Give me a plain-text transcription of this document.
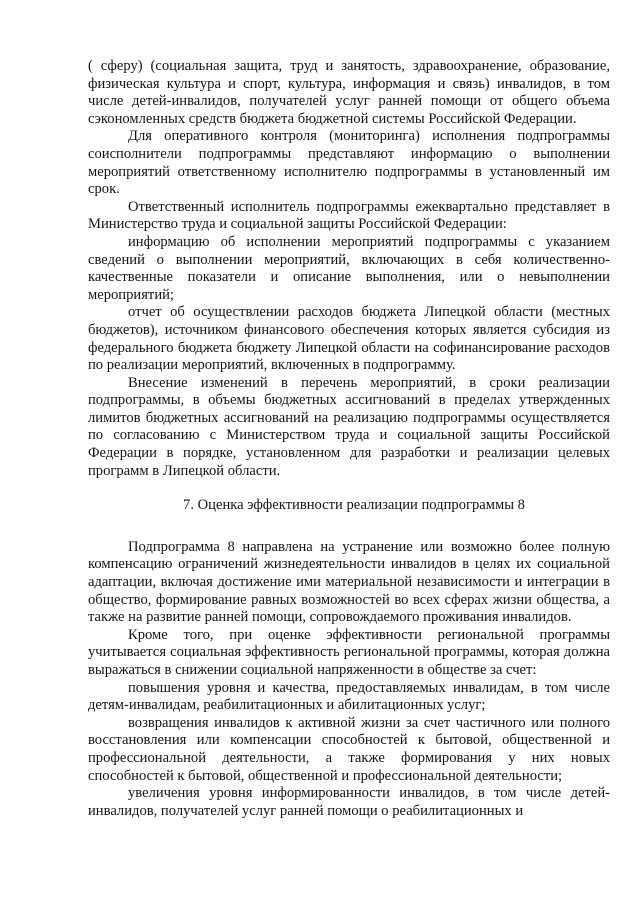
( сферу) (социальная защита, труд и занятость, здравоохранение, образование, физическая культура и спорт, культура, информация и связь) инвалидов, в том числе детей-инвалидов, получателей услуг ранней помощи от общего объема сэкономленных средств бюджета бюджетной системы Российской Федерации.

Для оперативного контроля (мониторинга) исполнения подпрограммы соисполнители подпрограммы представляют информацию о выполнении мероприятий ответственному исполнителю подпрограммы в установленный им срок.

Ответственный исполнитель подпрограммы ежеквартально представляет в Министерство труда и социальной защиты Российской Федерации:

информацию об исполнении мероприятий подпрограммы с указанием сведений о выполнении мероприятий, включающих в себя количественно-качественные показатели и описание выполнения, или о невыполнении мероприятий;

отчет об осуществлении расходов бюджета Липецкой области (местных бюджетов), источником финансового обеспечения которых является субсидия из федерального бюджета бюджету Липецкой области на софинансирование расходов по реализации мероприятий, включенных в подпрограмму.

Внесение изменений в перечень мероприятий, в сроки реализации подпрограммы, в объемы бюджетных ассигнований в пределах утвержденных лимитов бюджетных ассигнований на реализацию подпрограммы осуществляется по согласованию с Министерством труда и социальной защиты Российской Федерации в порядке, установленном для разработки и реализации целевых программ в Липецкой области.

7. Оценка эффективности реализации подпрограммы 8

Подпрограмма 8 направлена на устранение или возможно более полную компенсацию ограничений жизнедеятельности инвалидов в целях их социальной адаптации, включая достижение ими материальной независимости и интеграции в общество, формирование равных возможностей во всех сферах жизни общества, а также на развитие ранней помощи, сопровождаемого проживания инвалидов.

Кроме того, при оценке эффективности региональной программы учитывается социальная эффективность региональной программы, которая должна выражаться в снижении социальной напряженности в обществе за счет:

повышения уровня и качества, предоставляемых инвалидам, в том числе детям-инвалидам, реабилитационных и абилитационных услуг;

возвращения инвалидов к активной жизни за счет частичного или полного восстановления или компенсации способностей к бытовой, общественной и профессиональной деятельности, а также формирования у них новых способностей к бытовой, общественной и профессиональной деятельности;

увеличения уровня информированности инвалидов, в том числе детей-инвалидов, получателей услуг ранней помощи о реабилитационных и
